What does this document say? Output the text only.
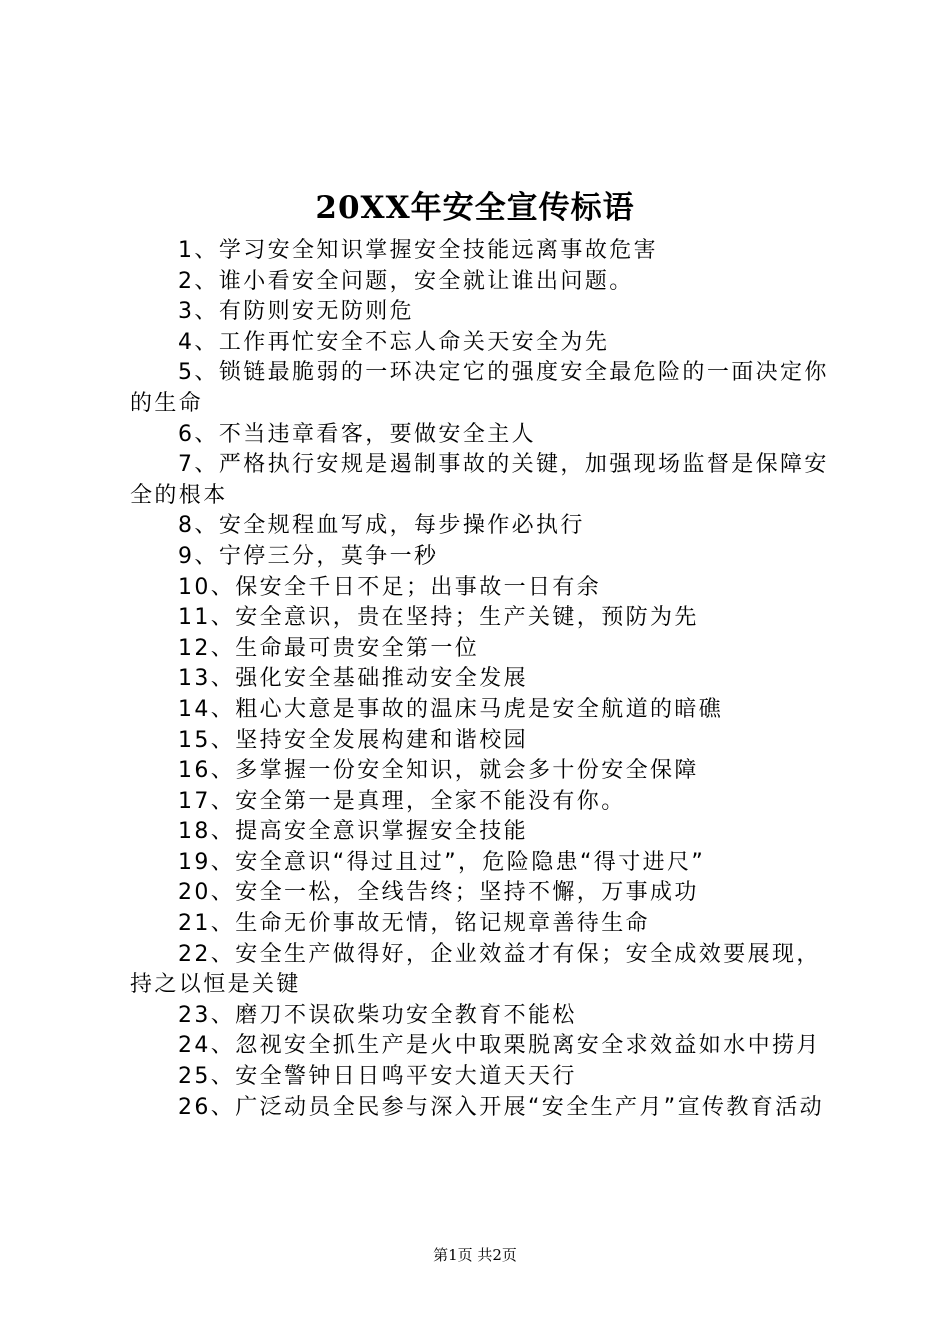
20XX年安全宣传标语

1、学习安全知识掌握安全技能远离事故危害

2、谁小看安全问题，安全就让谁出问题。

3、有防则安无防则危

4、工作再忙安全不忘人命关天安全为先

5、锁链最脆弱的一环决定它的强度安全最危险的一面决定你的生命

6、不当违章看客，要做安全主人

7、严格执行安规是遏制事故的关键，加强现场监督是保障安全的根本

8、安全规程血写成，每步操作必执行

9、宁停三分，莫争一秒

10、保安全千日不足；出事故一日有余

11、安全意识，贵在坚持；生产关键，预防为先

12、生命最可贵安全第一位

13、强化安全基础推动安全发展

14、粗心大意是事故的温床马虎是安全航道的暗礁

15、坚持安全发展构建和谐校园

16、多掌握一份安全知识，就会多十份安全保障

17、安全第一是真理，全家不能没有你。

18、提高安全意识掌握安全技能

19、安全意识“得过且过”，危险隐患“得寸进尺”

20、安全一松，全线告终；坚持不懈，万事成功

21、生命无价事故无情，铭记规章善待生命

22、安全生产做得好，企业效益才有保；安全成效要展现，持之以恒是关键

23、磨刀不误砍柴功安全教育不能松

24、忽视安全抓生产是火中取栗脱离安全求效益如水中捞月

25、安全警钟日日鸣平安大道天天行

26、广泛动员全民参与深入开展“安全生产月”宣传教育活动

第1页 共2页
